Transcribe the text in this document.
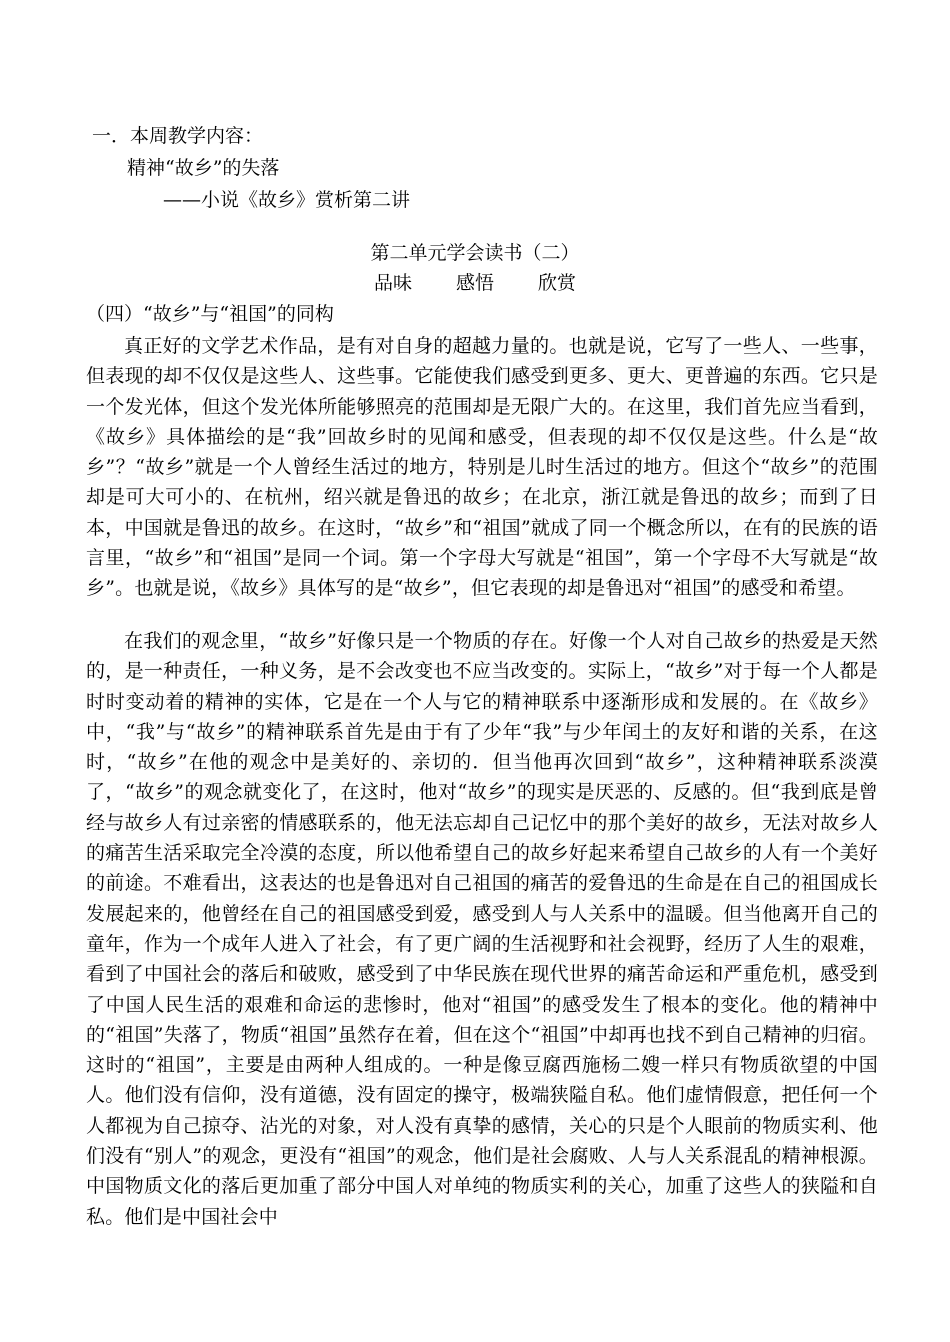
一．本周教学内容：
精神“故乡”的失落
——小说《故乡》赏析第二讲
第二单元学会读书（二）
品味 感悟 欣赏
（四）“故乡”与“祖国”的同构
真正好的文学艺术作品，是有对自身的超越力量的。也就是说，它写了一些人、一些事，但表现的却不仅仅是这些人、这些事。它能使我们感受到更多、更大、更普遍的东西。它只是一个发光体，但这个发光体所能够照亮的范围却是无限广大的。在这里，我们首先应当看到，《故乡》具体描绘的是“我”回故乡时的见闻和感受，但表现的却不仅仅是这些。什么是“故乡”？“故乡”就是一个人曾经生活过的地方，特别是儿时生活过的地方。但这个“故乡”的范围却是可大可小的、在杭州，绍兴就是鲁迅的故乡；在北京，浙江就是鲁迅的故乡；而到了日本，中国就是鲁迅的故乡。在这时，“故乡”和“祖国”就成了同一个概念所以，在有的民族的语言里，“故乡”和“祖国”是同一个词。第一个字母大写就是“祖国”，第一个字母不大写就是“故乡”。也就是说，《故乡》具体写的是“故乡”，但它表现的却是鲁迅对“祖国”的感受和希望。
在我们的观念里，“故乡”好像只是一个物质的存在。好像一个人对自己故乡的热爱是天然的，是一种责任，一种义务，是不会改变也不应当改变的。实际上，“故乡”对于每一个人都是时时变动着的精神的实体，它是在一个人与它的精神联系中逐渐形成和发展的。在《故乡》中，“我”与“故乡”的精神联系首先是由于有了少年“我”与少年闰土的友好和谐的关系，在这时，“故乡”在他的观念中是美好的、亲切的．但当他再次回到“故乡”，这种精神联系淡漠了，“故乡”的观念就变化了，在这时，他对“故乡”的现实是厌恶的、反感的。但“我到底是曾经与故乡人有过亲密的情感联系的，他无法忘却自己记忆中的那个美好的故乡，无法对故乡人的痛苦生活采取完全冷漠的态度，所以他希望自己的故乡好起来希望自己故乡的人有一个美好的前途。不难看出，这表达的也是鲁迅对自己祖国的痛苦的爱鲁迅的生命是在自己的祖国成长发展起来的，他曾经在自己的祖国感受到爱，感受到人与人关系中的温暖。但当他离开自己的童年，作为一个成年人进入了社会，有了更广阔的生活视野和社会视野，经历了人生的艰难，看到了中国社会的落后和破败，感受到了中华民族在现代世界的痛苦命运和严重危机，感受到了中国人民生活的艰难和命运的悲惨时，他对“祖国”的感受发生了根本的变化。他的精神中的“祖国”失落了，物质“祖国”虽然存在着，但在这个“祖国”中却再也找不到自己精神的归宿。这时的“祖国”，主要是由两种人组成的。一种是像豆腐西施杨二嫂一样只有物质欲望的中国人。他们没有信仰，没有道德，没有固定的操守，极端狭隘自私。他们虚情假意，把任何一个人都视为自己掠夺、沾光的对象，对人没有真挚的感情，关心的只是个人眼前的物质实利、他们没有“别人”的观念，更没有“祖国”的观念，他们是社会腐败、人与人关系混乱的精神根源。中国物质文化的落后更加重了部分中国人对单纯的物质实利的关心，加重了这些人的狭隘和自私。他们是中国社会中
